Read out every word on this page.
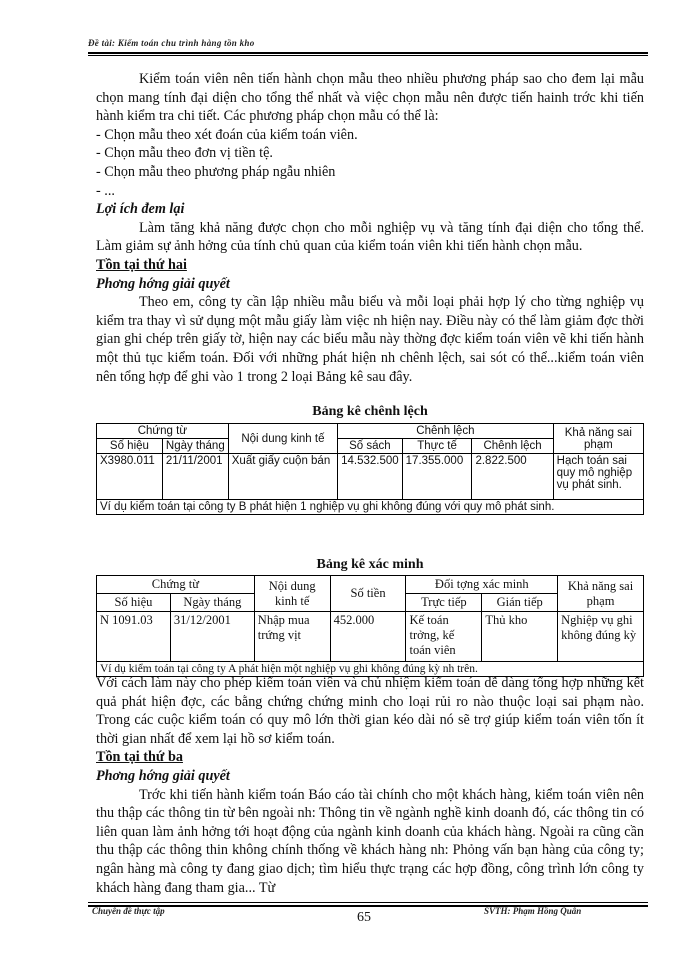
Đề tài: Kiểm toán chu trình hàng tồn kho

Kiểm toán viên nên tiến hành chọn mẫu theo nhiều phương pháp sao cho đem lại mẫu chọn mang tính đại diện cho tổng thể nhất và việc chọn mẫu nên được tiến hainh trớc khi tiến hành kiểm tra chi tiết. Các phương pháp chọn mẫu có thể là:

- Chọn mẫu theo xét đoán của kiểm toán viên.

- Chọn mẫu theo đơn vị tiền tệ.

- Chọn mẫu theo phương pháp ngẫu nhiên

- ...

Lợi ích đem lại

Làm tăng khả năng được chọn cho mỗi nghiệp vụ và tăng tính đại diện cho tổng thể. Làm giảm sự ảnh hởng của tính chủ quan của kiểm toán viên khi tiến hành chọn mẫu.

Tồn tại thứ hai

Phơng hớng giải quyết

Theo em, công ty cần lập nhiều mẫu biểu và mỗi loại phải hợp lý cho từng nghiệp vụ kiểm tra thay vì sử dụng một mẫu giấy làm việc nh hiện nay. Điều này có thể làm giảm đợc thời gian ghi chép trên giấy tờ, hiện nay các biểu mẫu này thờng đợc kiểm toán viên vẽ khi tiến hành một thủ tục kiểm toán. Đối với những phát hiện nh chênh lệch, sai sót có thể...kiểm toán viên nên tổng hợp để ghi vào 1 trong 2 loại Bảng kê sau đây.

Bảng kê chênh lệch
Chứng từ		Nội dung kinh tế	Chênh lệch			Khả năng sai phạm
Số hiệu	Ngày tháng		Số sách	Thực tế	Chênh lệch	
X3980.011	21/11/2001	Xuất giấy cuộn bán	14.532.500	17.355.000	2.822.500	Hạch toán sai quy mô nghiệp vụ phát sinh.
Ví dụ kiểm toán tại công ty B phát hiện 1 nghiệp vụ ghi không đúng với quy mô phát sinh.						
Bảng kê xác minh
Chứng từ		Nội dung kinh tế	Số tiền	Đối tợng xác minh		Khả năng sai phạm
Số hiệu	Ngày tháng			Trực tiếp	Gián tiếp	
N 1091.03	31/12/2001	Nhập mua trứng vịt	452.000	Kế toán trởng, kế toán viên	Thủ kho	Nghiệp vụ ghi không đúng kỳ
Ví dụ kiểm toán tại công ty A phát hiện một nghiệp vụ ghi không đúng kỳ nh trên.						

Với cách làm này cho phép kiểm toán viên và chủ nhiệm kiểm toán dễ dàng tổng hợp những kết quả phát hiện đợc, các bằng chứng chứng minh cho loại rủi ro nào thuộc loại sai phạm nào. Trong các cuộc kiểm toán có quy mô lớn thời gian kéo dài nó sẽ trợ giúp kiểm toán viên tốn ít thời gian nhất để xem lại hồ sơ kiểm toán.

Tồn tại thứ ba

Phơng hớng giải quyết

Trớc khi tiến hành kiểm toán Báo cáo tài chính cho một khách hàng, kiểm toán viên nên thu thập các thông tin từ bên ngoài nh: Thông tin về ngành nghề kinh doanh đó, các thông tin có liên quan làm ảnh hởng tới hoạt động của ngành kinh doanh của khách hàng. Ngoài ra cũng cần thu thập các thông thin không chính thống về khách hàng nh: Phỏng vấn bạn hàng của công ty; ngân hàng mà công ty đang giao dịch; tìm hiểu thực trạng các hợp đồng, công trình lớn công ty khách hàng đang tham gia... Từ

Chuyên đề thực tập	65	SVTH: Phạm Hồng Quân
